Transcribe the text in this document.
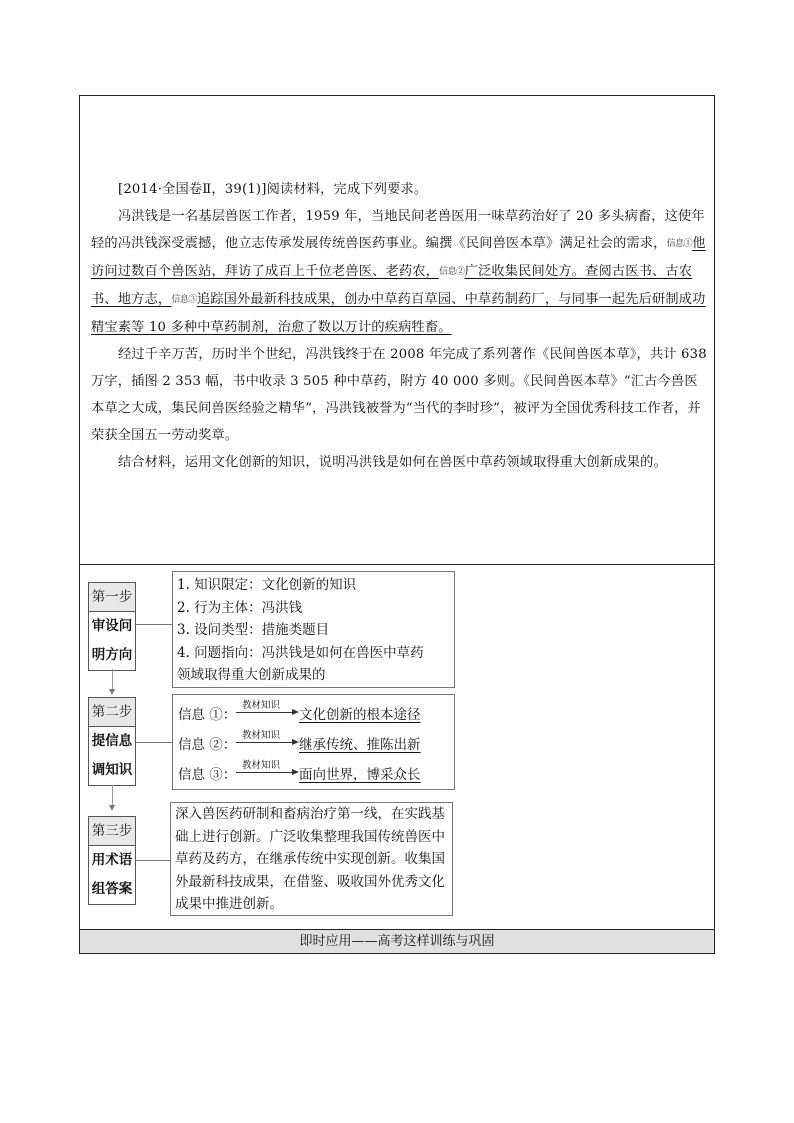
[2014·全国卷Ⅱ，39(1)]阅读材料，完成下列要求。

冯洪钱是一名基层兽医工作者，1959 年，当地民间老兽医用一味草药治好了 20 多头病畜，这使年轻的冯洪钱深受震撼，他立志传承发展传统兽医药事业。编撰《民间兽医本草》满足社会的需求，信息①他访问过数百个兽医站，拜访了成百上千位老兽医、老药农，信息②广泛收集民间处方。查阅古医书、古农书、地方志，信息③追踪国外最新科技成果，创办中草药百草园、中草药制药厂，与同事一起先后研制成功精宝素等 10 多种中草药制剂，治愈了数以万计的疾病牲畜。

经过千辛万苦，历时半个世纪，冯洪钱终于在 2008 年完成了系列著作《民间兽医本草》，共计 638 万字，插图 2 353 幅，书中收录 3 505 种中草药，附方 40 000 多则。《民间兽医本草》“汇古今兽医本草之大成，集民间兽医经验之精华”，冯洪钱被誉为“当代的李时珍”，被评为全国优秀科技工作者，并荣获全国五一劳动奖章。

结合材料，运用文化创新的知识，说明冯洪钱是如何在兽医中草药领域取得重大创新成果的。

第一步
审设问
明方向
1. 知识限定：文化创新的知识
2. 行为主体：冯洪钱
3. 设问类型：措施类题目
4. 问题指向：冯洪钱是如何在兽医中草药
领域取得重大创新成果的
第二步
提信息
调知识
信息 ①：
教材知识
文化创新的根本途径
信息 ②：
教材知识
继承传统、推陈出新
信息 ③：
教材知识
面向世界，博采众长
第三步
用术语
组答案
深入兽医药研制和畜病治疗第一线，在实践基础上进行创新。广泛收集整理我国传统兽医中草药及药方，在继承传统中实现创新。收集国外最新科技成果，在借鉴、吸收国外优秀文化成果中推进创新。
即时应用——高考这样训练与巩固
